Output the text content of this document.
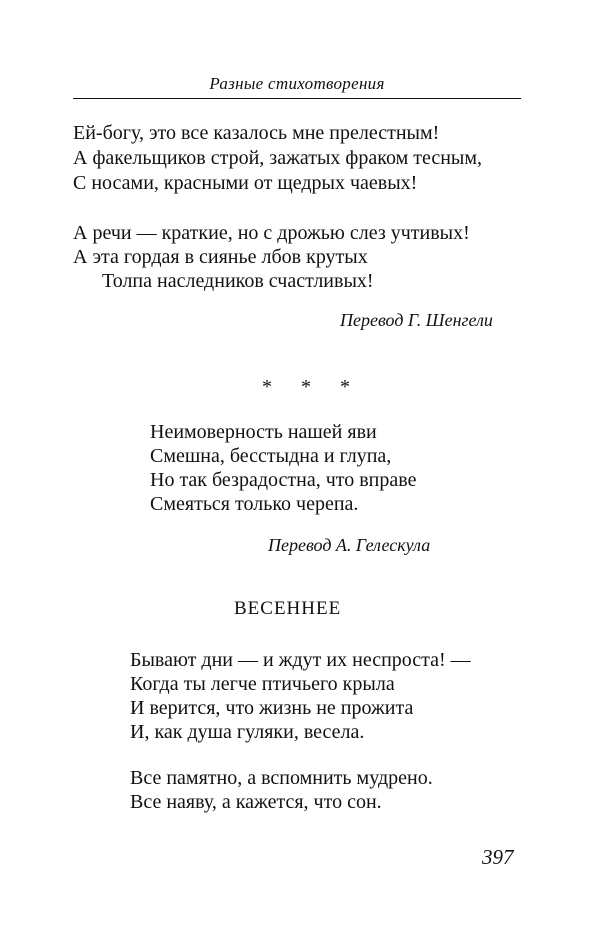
Разные стихотворения
Ей-богу, это все казалось мне прелестным!
А факельщиков строй, зажатых фраком тесным,
С носами, красными от щедрых чаевых!
А речи — краткие, но с дрожью слез учтивых!
А эта гордая в сиянье лбов крутых
Толпа наследников счастливых!
Перевод Г. Шенгели
* * *
Неимоверность нашей яви
Смешна, бесстыдна и глупа,
Но так безрадостна, что вправе
Смеяться только черепа.
Перевод А. Гелескула
ВЕСЕННЕЕ
Бывают дни — и ждут их неспроста! —
Когда ты легче птичьего крыла
И верится, что жизнь не прожита
И, как душа гуляки, весела.
Все памятно, а вспомнить мудрено.
Все наяву, а кажется, что сон.
397
